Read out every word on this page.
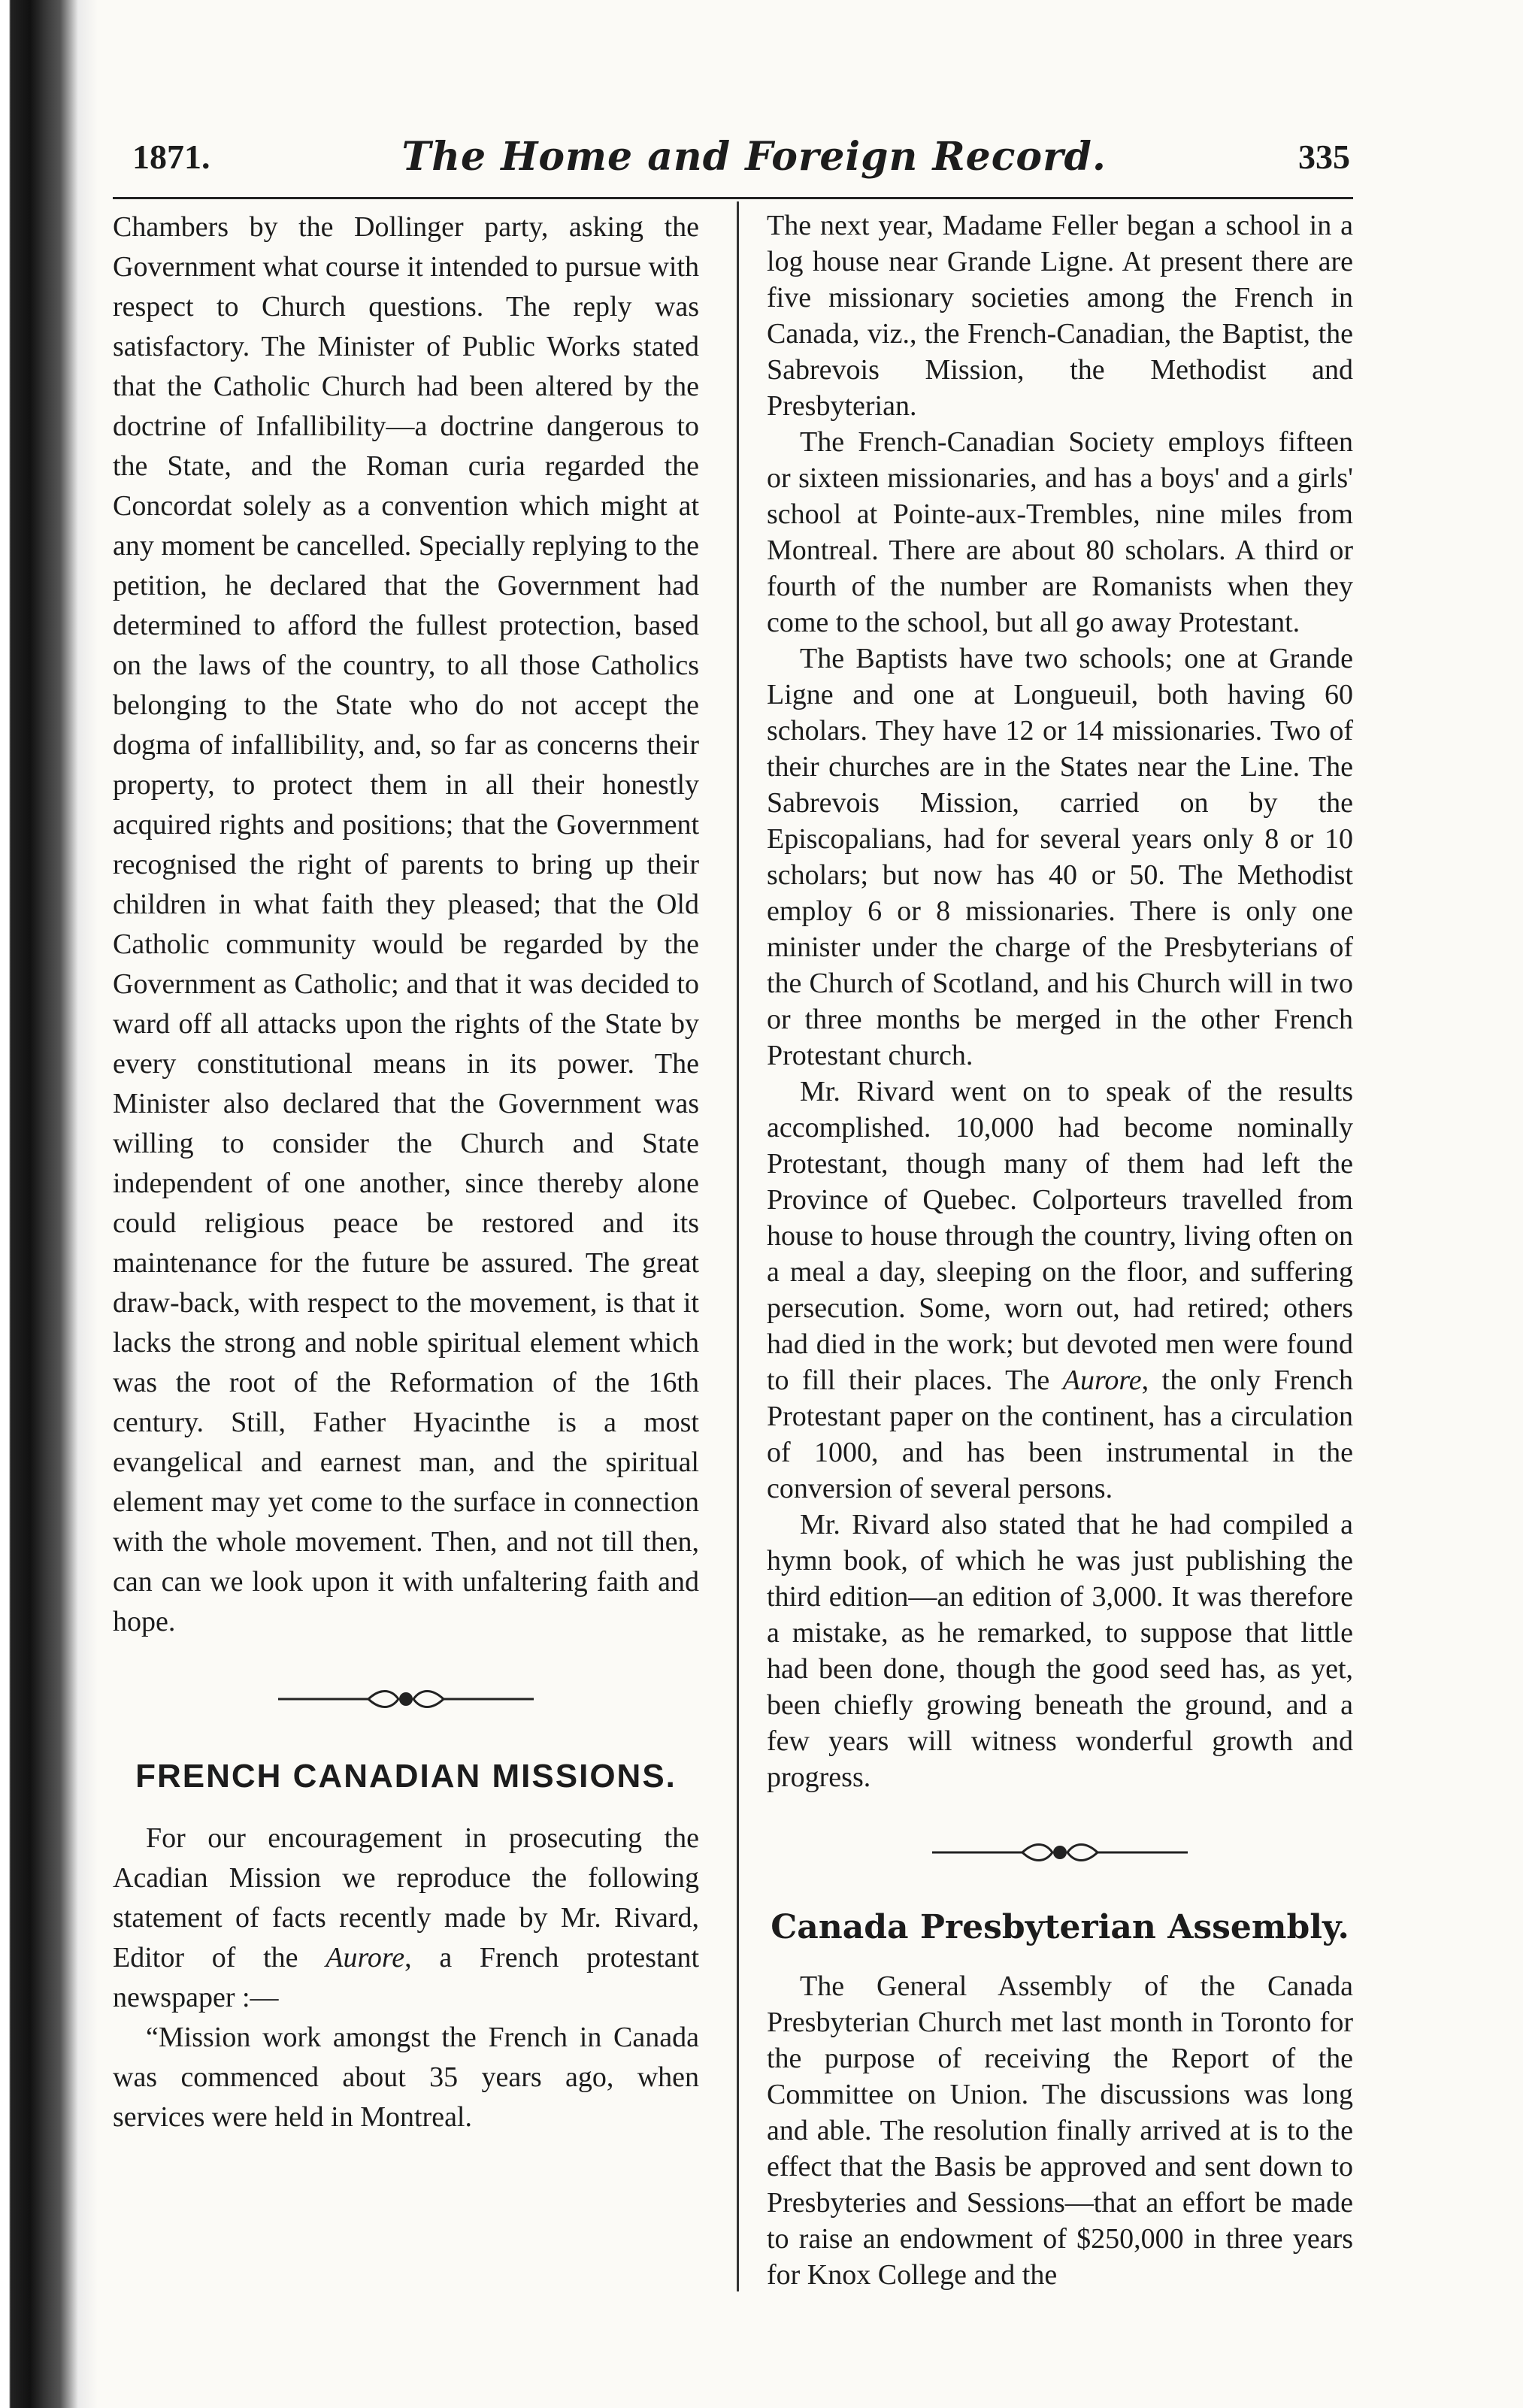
1871.	The Home and Foreign Record.	335

Chambers by the Dollinger party, asking the Government what course it intended to pursue with respect to Church questions. The reply was satisfactory. The Minister of Public Works stated that the Catholic Church had been altered by the doctrine of Infallibility—a doctrine dangerous to the State, and the Roman curia regarded the Concordat solely as a convention which might at any moment be cancelled. Specially replying to the petition, he declared that the Government had determined to afford the fullest protection, based on the laws of the country, to all those Catholics belonging to the State who do not accept the dogma of infallibility, and, so far as concerns their property, to protect them in all their honestly acquired rights and positions; that the Government recognised the right of parents to bring up their children in what faith they pleased; that the Old Catholic community would be regarded by the Government as Catholic; and that it was decided to ward off all attacks upon the rights of the State by every constitutional means in its power. The Minister also declared that the Government was willing to consider the Church and State independent of one another, since thereby alone could religious peace be restored and its maintenance for the future be assured. The great draw-back, with respect to the movement, is that it lacks the strong and noble spiritual element which was the root of the Reformation of the 16th century. Still, Father Hyacinthe is a most evangelical and earnest man, and the spiritual element may yet come to the surface in connection with the whole movement. Then, and not till then, can can we look upon it with unfaltering faith and hope.

FRENCH CANADIAN MISSIONS.

For our encouragement in prosecuting the Acadian Mission we reproduce the following statement of facts recently made by Mr. Rivard, Editor of the Aurore, a French protestant newspaper :—

“Mission work amongst the French in Canada was commenced about 35 years ago, when services were held in Montreal.

The next year, Madame Feller began a school in a log house near Grande Ligne. At present there are five missionary societies among the French in Canada, viz., the French-Canadian, the Baptist, the Sabrevois Mission, the Methodist and Presbyterian.

The French-Canadian Society employs fifteen or sixteen missionaries, and has a boys' and a girls' school at Pointe-aux-Trembles, nine miles from Montreal. There are about 80 scholars. A third or fourth of the number are Romanists when they come to the school, but all go away Protestant.

The Baptists have two schools; one at Grande Ligne and one at Longueuil, both having 60 scholars. They have 12 or 14 missionaries. Two of their churches are in the States near the Line. The Sabrevois Mission, carried on by the Episcopalians, had for several years only 8 or 10 scholars; but now has 40 or 50. The Methodist employ 6 or 8 missionaries. There is only one minister under the charge of the Presbyterians of the Church of Scotland, and his Church will in two or three months be merged in the other French Protestant church.

Mr. Rivard went on to speak of the results accomplished. 10,000 had become nominally Protestant, though many of them had left the Province of Quebec. Colporteurs travelled from house to house through the country, living often on a meal a day, sleeping on the floor, and suffering persecution. Some, worn out, had retired; others had died in the work; but devoted men were found to fill their places. The Aurore, the only French Protestant paper on the continent, has a circulation of 1000, and has been instrumental in the conversion of several persons.

Mr. Rivard also stated that he had compiled a hymn book, of which he was just publishing the third edition—an edition of 3,000. It was therefore a mistake, as he remarked, to suppose that little had been done, though the good seed has, as yet, been chiefly growing beneath the ground, and a few years will witness wonderful growth and progress.

Canada Presbyterian Assembly.

The General Assembly of the Canada Presbyterian Church met last month in Toronto for the purpose of receiving the Report of the Committee on Union. The discussions was long and able. The resolution finally arrived at is to the effect that the Basis be approved and sent down to Presbyteries and Sessions—that an effort be made to raise an endowment of $250,000 in three years for Knox College and the
